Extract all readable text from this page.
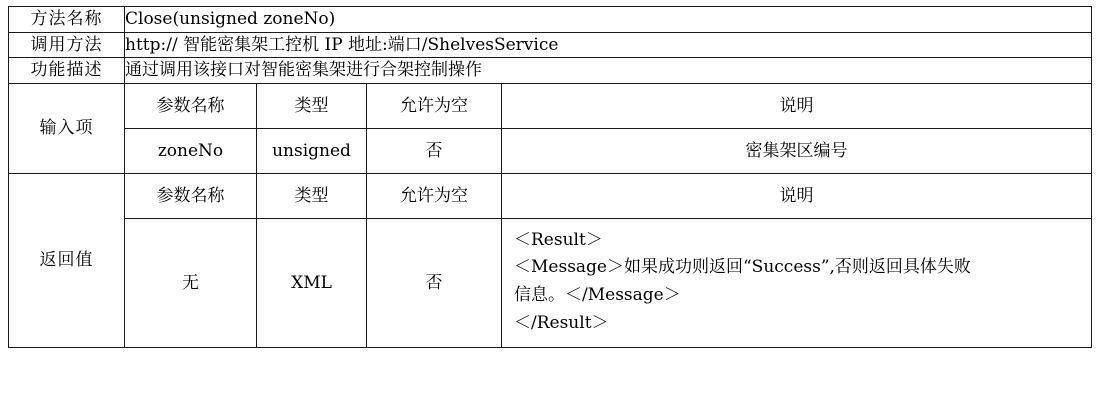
方法名称	Close(unsigned zoneNo)			
调用方法	http:// 智能密集架工控机 IP 地址:端口/ShelvesService			
功能描述	通过调用该接口对智能密集架进行合架控制操作			
输入项	参数名称	类型	允许为空	说明
	zoneNo	unsigned	否	密集架区编号
返回值	参数名称	类型	允许为空	说明
	无	XML	否	＜Result＞
＜Message＞如果成功则返回“Success”,否则返回具体失败
信息。＜/Message＞
＜/Result＞
